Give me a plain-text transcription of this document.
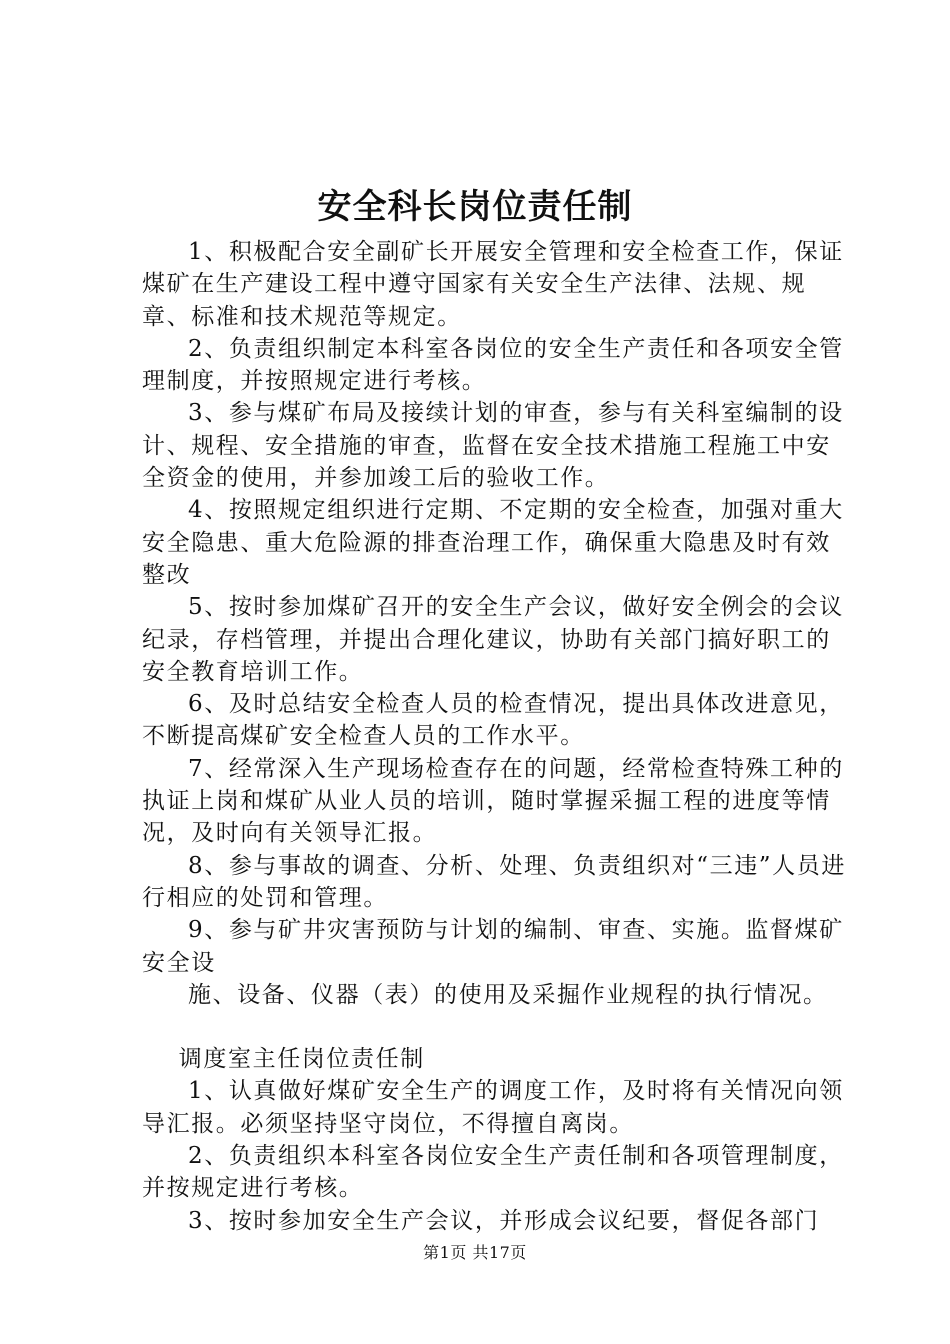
安全科长岗位责任制

1、积极配合安全副矿长开展安全管理和安全检查工作，保证煤矿在生产建设工程中遵守国家有关安全生产法律、法规、规章、标准和技术规范等规定。

2、负责组织制定本科室各岗位的安全生产责任和各项安全管理制度，并按照规定进行考核。

3、参与煤矿布局及接续计划的审查，参与有关科室编制的设计、规程、安全措施的审查，监督在安全技术措施工程施工中安全资金的使用，并参加竣工后的验收工作。

4、按照规定组织进行定期、不定期的安全检查，加强对重大安全隐患、重大危险源的排查治理工作，确保重大隐患及时有效整改

5、按时参加煤矿召开的安全生产会议，做好安全例会的会议纪录，存档管理，并提出合理化建议，协助有关部门搞好职工的安全教育培训工作。

6、及时总结安全检查人员的检查情况，提出具体改进意见，不断提高煤矿安全检查人员的工作水平。

7、经常深入生产现场检查存在的问题，经常检查特殊工种的执证上岗和煤矿从业人员的培训，随时掌握采掘工程的进度等情况，及时向有关领导汇报。

8、参与事故的调查、分析、处理、负责组织对“三违”人员进行相应的处罚和管理。

9、参与矿井灾害预防与计划的编制、审查、实施。监督煤矿安全设

施、设备、仪器（表）的使用及采掘作业规程的执行情况。

调度室主任岗位责任制

1、认真做好煤矿安全生产的调度工作，及时将有关情况向领导汇报。必须坚持坚守岗位，不得擅自离岗。

2、负责组织本科室各岗位安全生产责任制和各项管理制度，并按规定进行考核。

3、按时参加安全生产会议，并形成会议纪要，督促各部门

第1页 共17页
